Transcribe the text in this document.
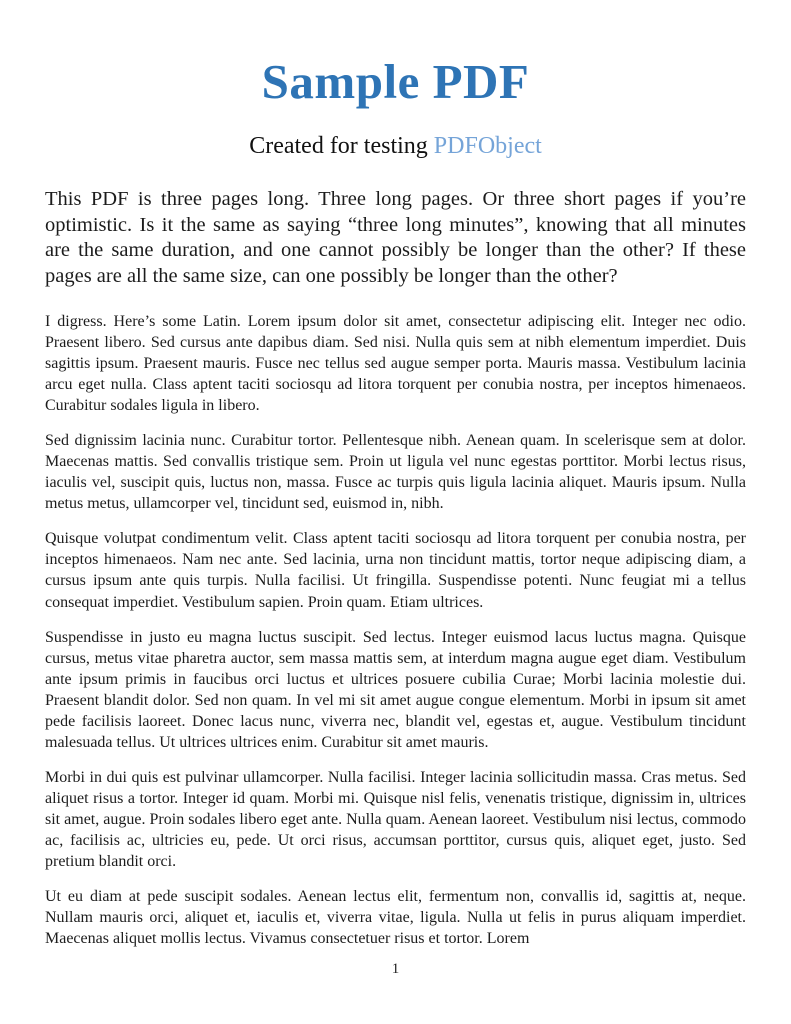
Sample PDF

Created for testing PDFObject

This PDF is three pages long. Three long pages. Or three short pages if you’re optimistic. Is it the same as saying “three long minutes”, knowing that all minutes are the same duration, and one cannot possibly be longer than the other? If these pages are all the same size, can one possibly be longer than the other?

I digress. Here’s some Latin. Lorem ipsum dolor sit amet, consectetur adipiscing elit. Integer nec odio. Praesent libero. Sed cursus ante dapibus diam. Sed nisi. Nulla quis sem at nibh elementum imperdiet. Duis sagittis ipsum. Praesent mauris. Fusce nec tellus sed augue semper porta. Mauris massa. Vestibulum lacinia arcu eget nulla. Class aptent taciti sociosqu ad litora torquent per conubia nostra, per inceptos himenaeos. Curabitur sodales ligula in libero.

Sed dignissim lacinia nunc. Curabitur tortor. Pellentesque nibh. Aenean quam. In scelerisque sem at dolor. Maecenas mattis. Sed convallis tristique sem. Proin ut ligula vel nunc egestas porttitor. Morbi lectus risus, iaculis vel, suscipit quis, luctus non, massa. Fusce ac turpis quis ligula lacinia aliquet. Mauris ipsum. Nulla metus metus, ullamcorper vel, tincidunt sed, euismod in, nibh.

Quisque volutpat condimentum velit. Class aptent taciti sociosqu ad litora torquent per conubia nostra, per inceptos himenaeos. Nam nec ante. Sed lacinia, urna non tincidunt mattis, tortor neque adipiscing diam, a cursus ipsum ante quis turpis. Nulla facilisi. Ut fringilla. Suspendisse potenti. Nunc feugiat mi a tellus consequat imperdiet. Vestibulum sapien. Proin quam. Etiam ultrices.

Suspendisse in justo eu magna luctus suscipit. Sed lectus. Integer euismod lacus luctus magna. Quisque cursus, metus vitae pharetra auctor, sem massa mattis sem, at interdum magna augue eget diam. Vestibulum ante ipsum primis in faucibus orci luctus et ultrices posuere cubilia Curae; Morbi lacinia molestie dui. Praesent blandit dolor. Sed non quam. In vel mi sit amet augue congue elementum. Morbi in ipsum sit amet pede facilisis laoreet. Donec lacus nunc, viverra nec, blandit vel, egestas et, augue. Vestibulum tincidunt malesuada tellus. Ut ultrices ultrices enim. Curabitur sit amet mauris.

Morbi in dui quis est pulvinar ullamcorper. Nulla facilisi. Integer lacinia sollicitudin massa. Cras metus. Sed aliquet risus a tortor. Integer id quam. Morbi mi. Quisque nisl felis, venenatis tristique, dignissim in, ultrices sit amet, augue. Proin sodales libero eget ante. Nulla quam. Aenean laoreet. Vestibulum nisi lectus, commodo ac, facilisis ac, ultricies eu, pede. Ut orci risus, accumsan porttitor, cursus quis, aliquet eget, justo. Sed pretium blandit orci.

Ut eu diam at pede suscipit sodales. Aenean lectus elit, fermentum non, convallis id, sagittis at, neque. Nullam mauris orci, aliquet et, iaculis et, viverra vitae, ligula. Nulla ut felis in purus aliquam imperdiet. Maecenas aliquet mollis lectus. Vivamus consectetuer risus et tortor. Lorem

1
